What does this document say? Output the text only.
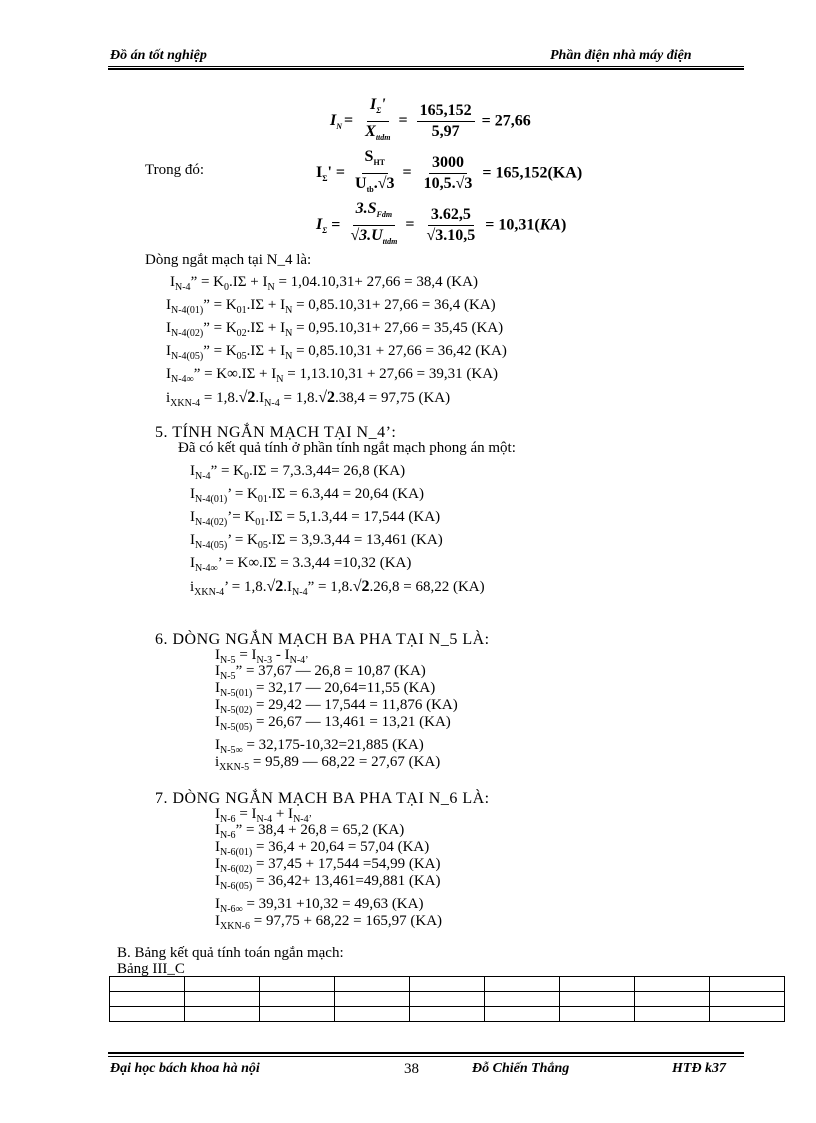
Đồ án tốt nghiệp	Phần điện nhà máy điện
$I_N = \frac{I_\Sigma'}{X_{ttdm}} = \frac{165,152}{5,97} = 27,66$
Trong đó:	$I_\Sigma' = \frac{S_{HT}}{U_{tb}.√3} = \frac{3000}{10,5.√3} = 165,152(KA)$
$I_\Sigma = \frac{3.S_{Fdm}}{√3.U_{ttdm}} = \frac{3.62,5}{√3.10,5} = 10,31(KA)$
Dòng ngắt mạch tại N_4 là:
$I_{N-4}$” = $K_0.I\Sigma + I_N = 1,04.10,31+ 27,66 = 38,4$ (KA)
$I_{N-4(01)}$” = $K_{01}.I\Sigma + I_N = 0,85.10,31+ 27,66 = 36,4$ (KA)
$I_{N-4(02)}$” = $K_{02}.I\Sigma + I_N = 0,95.10,31+ 27,66 = 35,45$ (KA)
$I_{N-4(05)}$” = $K_{05}.I\Sigma + I_N = 0,85.10,31 + 27,66 = 36,42$ (KA)
$I_{N-4\infty}$” = $K\infty.I\Sigma + I_N = 1,13.10,31 + 27,66 = 39,31$ (KA)
$i_{XKN-4} = 1,8.√2.I_{N-4} = 1,8.√2.38,4 = 97,75$ (KA)
5. TÍNH NGẮN MẠCH TẠI N_4’:
Đã có kết quả tính ở phần tính ngắt mạch phong án một:
$I_{N-4}$” = $K_0.I\Sigma = 7,3.3,44= 26,8$ (KA)
$I_{N-4(01)}$’ = $K_{01}.I\Sigma = 6.3,44 = 20,64$ (KA)
$I_{N-4(02)}’= K_{01}.I\Sigma = 5,1.3,44 = 17,544$ (KA)
$I_{N-4(05)}$’ = $K_{05}.I\Sigma = 3,9.3,44 = 13,461$ (KA)
$I_{N-4\infty}$’ = K∞.IΣ = 3.3,44 =10,32 (KA)
$i_{XKN-4}$’ = $1,8.√2.I_{N-4}$” = 1,8.√2.26,8 = 68,22 (KA)
6. DÒNG NGẮN MẠCH BA PHA TẠI N_5 LÀ:
$I_{N-5} = I_{N-3} - I_{N-4’}$
$I_{N-5}$” = 37,67 — 26,8 = 10,87 (KA)
$I_{N-5(01)} = 32,17$ — 20,64=11,55 (KA)
$I_{N-5(02)} = 29,42$ — 17,544 = 11,876 (KA)
$I_{N-5(05)} = 26,67$ — 13,461 = 13,21 (KA)
$I_{N-5\infty} = 32,175-10,32=21,885$ (KA)
$i_{XKN-5} = 95,89$ — 68,22 = 27,67 (KA)
7. DÒNG NGẮN MẠCH BA PHA TẠI N_6 LÀ:
$I_{N-6} = I_{N-4} + I_{N-4’}$
$I_{N-6}$” = 38,4 + 26,8 = 65,2 (KA)
$I_{N-6(01)} = 36,4 + 20,64 = 57,04$ (KA)
$I_{N-6(02)} = 37,45 + 17,544 =54,99$ (KA)
$I_{N-6(05)} = 36,42+ 13,461=49,881$ (KA)
$I_{N-6\infty} = 39,31 +10,32 = 49,63$ (KA)
$I_{XKN-6} = 97,75 + 68,22 = 165,97$ (KA)
B. Bảng kết quả tính toán ngắn mạch:
Bảng III_C

Đại học bách khoa hà nội	38	Đỗ Chiến Thắng	HTĐ k37
